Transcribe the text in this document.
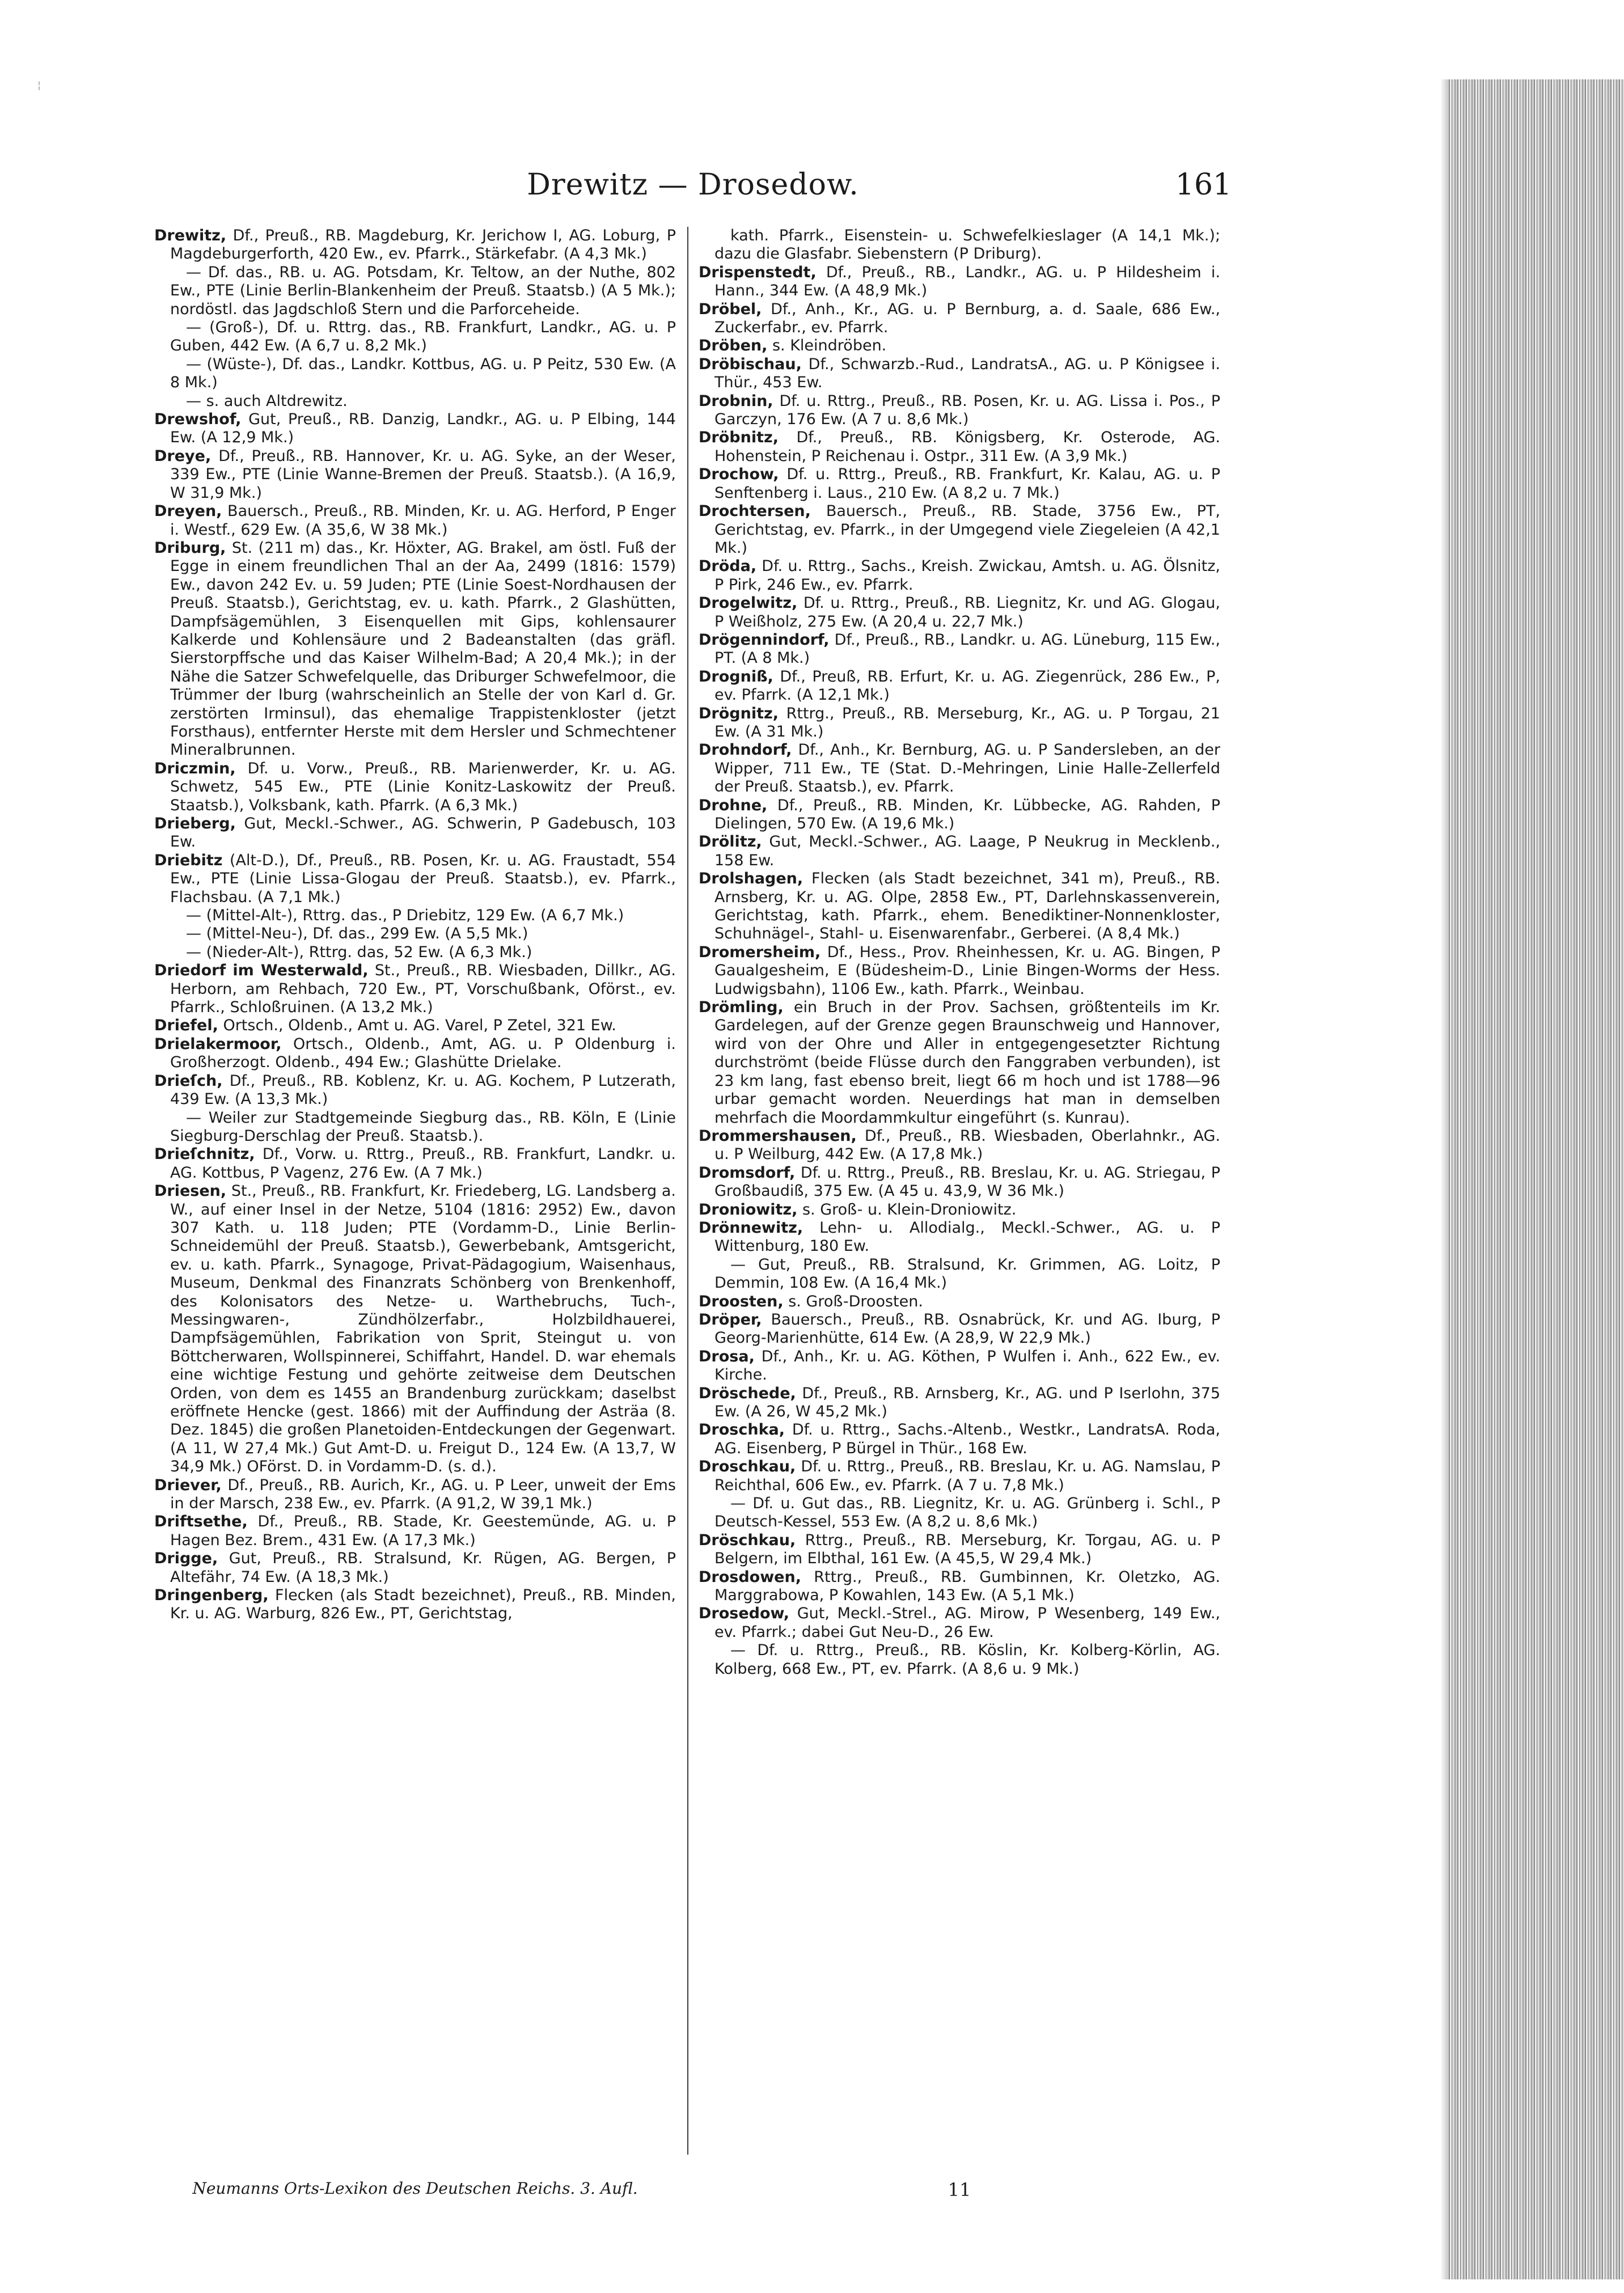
¦
Drewitz — Drosedow.	161

Drewitz, Df., Preuß., RB. Magdeburg, Kr. Jerichow I, AG. Loburg, P Magdeburgerforth, 420 Ew., ev. Pfarrk., Stärkefabr. (A 4,3 Mk.)

— Df. das., RB. u. AG. Potsdam, Kr. Teltow, an der Nuthe, 802 Ew., PTE (Linie Berlin-Blankenheim der Preuß. Staatsb.) (A 5 Mk.); nordöstl. das Jagdschloß Stern und die Parforceheide.

— (Groß-), Df. u. Rttrg. das., RB. Frankfurt, Landkr., AG. u. P Guben, 442 Ew. (A 6,7 u. 8,2 Mk.)

— (Wüste-), Df. das., Landkr. Kottbus, AG. u. P Peitz, 530 Ew. (A 8 Mk.)

— s. auch Altdrewitz.

Drewshof, Gut, Preuß., RB. Danzig, Landkr., AG. u. P Elbing, 144 Ew. (A 12,9 Mk.)

Dreye, Df., Preuß., RB. Hannover, Kr. u. AG. Syke, an der Weser, 339 Ew., PTE (Linie Wanne-Bremen der Preuß. Staatsb.). (A 16,9, W 31,9 Mk.)

Dreyen, Bauersch., Preuß., RB. Minden, Kr. u. AG. Herford, P Enger i. Westf., 629 Ew. (A 35,6, W 38 Mk.)

Driburg, St. (211 m) das., Kr. Höxter, AG. Brakel, am östl. Fuß der Egge in einem freundlichen Thal an der Aa, 2499 (1816: 1579) Ew., davon 242 Ev. u. 59 Juden; PTE (Linie Soest-Nordhausen der Preuß. Staatsb.), Gerichtstag, ev. u. kath. Pfarrk., 2 Glashütten, Dampfsägemühlen, 3 Eisenquellen mit Gips, kohlensaurer Kalkerde und Kohlensäure und 2 Badeanstalten (das gräfl. Sierstorpffsche und das Kaiser Wilhelm-Bad; A 20,4 Mk.); in der Nähe die Satzer Schwefelquelle, das Driburger Schwefelmoor, die Trümmer der Iburg (wahrscheinlich an Stelle der von Karl d. Gr. zerstörten Irminsul), das ehemalige Trappistenkloster (jetzt Forsthaus), entfernter Herste mit dem Hersler und Schmechtener Mineralbrunnen.

Driczmin, Df. u. Vorw., Preuß., RB. Marienwerder, Kr. u. AG. Schwetz, 545 Ew., PTE (Linie Konitz-Laskowitz der Preuß. Staatsb.), Volksbank, kath. Pfarrk. (A 6,3 Mk.)

Drieberg, Gut, Meckl.-Schwer., AG. Schwerin, P Gadebusch, 103 Ew.

Driebitz (Alt-D.), Df., Preuß., RB. Posen, Kr. u. AG. Fraustadt, 554 Ew., PTE (Linie Lissa-Glogau der Preuß. Staatsb.), ev. Pfarrk., Flachsbau. (A 7,1 Mk.)

— (Mittel-Alt-), Rttrg. das., P Driebitz, 129 Ew. (A 6,7 Mk.)

— (Mittel-Neu-), Df. das., 299 Ew. (A 5,5 Mk.)

— (Nieder-Alt-), Rttrg. das, 52 Ew. (A 6,3 Mk.)

Driedorf im Westerwald, St., Preuß., RB. Wiesbaden, Dillkr., AG. Herborn, am Rehbach, 720 Ew., PT, Vorschußbank, Oförst., ev. Pfarrk., Schloßruinen. (A 13,2 Mk.)

Driefel, Ortsch., Oldenb., Amt u. AG. Varel, P Zetel, 321 Ew.

Drielakermoor, Ortsch., Oldenb., Amt, AG. u. P Oldenburg i. Großherzogt. Oldenb., 494 Ew.; Glashütte Drielake.

Drieſch, Df., Preuß., RB. Koblenz, Kr. u. AG. Kochem, P Lutzerath, 439 Ew. (A 13,3 Mk.)

— Weiler zur Stadtgemeinde Siegburg das., RB. Köln, E (Linie Siegburg-Derschlag der Preuß. Staatsb.).

Drieſchnitz, Df., Vorw. u. Rttrg., Preuß., RB. Frankfurt, Landkr. u. AG. Kottbus, P Vagenz, 276 Ew. (A 7 Mk.)

Driesen, St., Preuß., RB. Frankfurt, Kr. Friedeberg, LG. Landsberg a. W., auf einer Insel in der Netze, 5104 (1816: 2952) Ew., davon 307 Kath. u. 118 Juden; PTE (Vordamm-D., Linie Berlin-Schneidemühl der Preuß. Staatsb.), Gewerbebank, Amtsgericht, ev. u. kath. Pfarrk., Synagoge, Privat-Pädagogium, Waisenhaus, Museum, Denkmal des Finanzrats Schönberg von Brenkenhoff, des Kolonisators des Netze- u. Warthebruchs, Tuch-, Messingwaren-, Zündhölzerfabr., Holzbildhauerei, Dampfsägemühlen, Fabrikation von Sprit, Steingut u. von Böttcherwaren, Wollspinnerei, Schiffahrt, Handel. D. war ehemals eine wichtige Festung und gehörte zeitweise dem Deutschen Orden, von dem es 1455 an Brandenburg zurückkam; daselbst eröffnete Hencke (gest. 1866) mit der Auffindung der Asträa (8. Dez. 1845) die großen Planetoiden-Entdeckungen der Gegenwart. (A 11, W 27,4 Mk.) Gut Amt-D. u. Freigut D., 124 Ew. (A 13,7, W 34,9 Mk.) OFörst. D. in Vordamm-D. (s. d.).

Driever, Df., Preuß., RB. Aurich, Kr., AG. u. P Leer, unweit der Ems in der Marsch, 238 Ew., ev. Pfarrk. (A 91,2, W 39,1 Mk.)

Driftsethe, Df., Preuß., RB. Stade, Kr. Geestemünde, AG. u. P Hagen Bez. Brem., 431 Ew. (A 17,3 Mk.)

Drigge, Gut, Preuß., RB. Stralsund, Kr. Rügen, AG. Bergen, P Altefähr, 74 Ew. (A 18,3 Mk.)

Dringenberg, Flecken (als Stadt bezeichnet), Preuß., RB. Minden, Kr. u. AG. Warburg, 826 Ew., PT, Gerichtstag,

kath. Pfarrk., Eisenstein- u. Schwefelkieslager (A 14,1 Mk.); dazu die Glasfabr. Siebenstern (P Driburg).

Drispenstedt, Df., Preuß., RB., Landkr., AG. u. P Hildesheim i. Hann., 344 Ew. (A 48,9 Mk.)

Dröbel, Df., Anh., Kr., AG. u. P Bernburg, a. d. Saale, 686 Ew., Zuckerfabr., ev. Pfarrk.

Dröben, s. Kleindröben.

Dröbischau, Df., Schwarzb.-Rud., LandratsA., AG. u. P Königsee i. Thür., 453 Ew.

Drobnin, Df. u. Rttrg., Preuß., RB. Posen, Kr. u. AG. Lissa i. Pos., P Garczyn, 176 Ew. (A 7 u. 8,6 Mk.)

Dröbnitz, Df., Preuß., RB. Königsberg, Kr. Osterode, AG. Hohenstein, P Reichenau i. Ostpr., 311 Ew. (A 3,9 Mk.)

Drochow, Df. u. Rttrg., Preuß., RB. Frankfurt, Kr. Kalau, AG. u. P Senftenberg i. Laus., 210 Ew. (A 8,2 u. 7 Mk.)

Drochtersen, Bauersch., Preuß., RB. Stade, 3756 Ew., PT, Gerichtstag, ev. Pfarrk., in der Umgegend viele Ziegeleien (A 42,1 Mk.)

Dröda, Df. u. Rttrg., Sachs., Kreish. Zwickau, Amtsh. u. AG. Ölsnitz, P Pirk, 246 Ew., ev. Pfarrk.

Drogelwitz, Df. u. Rttrg., Preuß., RB. Liegnitz, Kr. und AG. Glogau, P Weißholz, 275 Ew. (A 20,4 u. 22,7 Mk.)

Drögennindorf, Df., Preuß., RB., Landkr. u. AG. Lüneburg, 115 Ew., PT. (A 8 Mk.)

Drogniß, Df., Preuß, RB. Erfurt, Kr. u. AG. Ziegenrück, 286 Ew., P, ev. Pfarrk. (A 12,1 Mk.)

Drögnitz, Rttrg., Preuß., RB. Merseburg, Kr., AG. u. P Torgau, 21 Ew. (A 31 Mk.)

Drohndorf, Df., Anh., Kr. Bernburg, AG. u. P Sandersleben, an der Wipper, 711 Ew., TE (Stat. D.-Mehringen, Linie Halle-Zellerfeld der Preuß. Staatsb.), ev. Pfarrk.

Drohne, Df., Preuß., RB. Minden, Kr. Lübbecke, AG. Rahden, P Dielingen, 570 Ew. (A 19,6 Mk.)

Drölitz, Gut, Meckl.-Schwer., AG. Laage, P Neukrug in Mecklenb., 158 Ew.

Drolshagen, Flecken (als Stadt bezeichnet, 341 m), Preuß., RB. Arnsberg, Kr. u. AG. Olpe, 2858 Ew., PT, Darlehnskassenverein, Gerichtstag, kath. Pfarrk., ehem. Benediktiner-Nonnenkloster, Schuhnägel-, Stahl- u. Eisenwarenfabr., Gerberei. (A 8,4 Mk.)

Dromersheim, Df., Hess., Prov. Rheinhessen, Kr. u. AG. Bingen, P Gaualgesheim, E (Büdesheim-D., Linie Bingen-Worms der Hess. Ludwigsbahn), 1106 Ew., kath. Pfarrk., Weinbau.

Drömling, ein Bruch in der Prov. Sachsen, größtenteils im Kr. Gardelegen, auf der Grenze gegen Braunschweig und Hannover, wird von der Ohre und Aller in entgegengesetzter Richtung durchströmt (beide Flüsse durch den Fanggraben verbunden), ist 23 km lang, fast ebenso breit, liegt 66 m hoch und ist 1788—96 urbar gemacht worden. Neuerdings hat man in demselben mehrfach die Moordammkultur eingeführt (s. Kunrau).

Drommershausen, Df., Preuß., RB. Wiesbaden, Oberlahnkr., AG. u. P Weilburg, 442 Ew. (A 17,8 Mk.)

Dromsdorf, Df. u. Rttrg., Preuß., RB. Breslau, Kr. u. AG. Striegau, P Großbaudiß, 375 Ew. (A 45 u. 43,9, W 36 Mk.)

Droniowitz, s. Groß- u. Klein-Droniowitz.

Drönnewitz, Lehn- u. Allodialg., Meckl.-Schwer., AG. u. P Wittenburg, 180 Ew.

— Gut, Preuß., RB. Stralsund, Kr. Grimmen, AG. Loitz, P Demmin, 108 Ew. (A 16,4 Mk.)

Droosten, s. Groß-Droosten.

Dröper, Bauersch., Preuß., RB. Osnabrück, Kr. und AG. Iburg, P Georg-Marienhütte, 614 Ew. (A 28,9, W 22,9 Mk.)

Drosa, Df., Anh., Kr. u. AG. Köthen, P Wulfen i. Anh., 622 Ew., ev. Kirche.

Dröschede, Df., Preuß., RB. Arnsberg, Kr., AG. und P Iserlohn, 375 Ew. (A 26, W 45,2 Mk.)

Droschka, Df. u. Rttrg., Sachs.-Altenb., Westkr., LandratsA. Roda, AG. Eisenberg, P Bürgel in Thür., 168 Ew.

Droschkau, Df. u. Rttrg., Preuß., RB. Breslau, Kr. u. AG. Namslau, P Reichthal, 606 Ew., ev. Pfarrk. (A 7 u. 7,8 Mk.)

— Df. u. Gut das., RB. Liegnitz, Kr. u. AG. Grünberg i. Schl., P Deutsch-Kessel, 553 Ew. (A 8,2 u. 8,6 Mk.)

Dröschkau, Rttrg., Preuß., RB. Merseburg, Kr. Torgau, AG. u. P Belgern, im Elbthal, 161 Ew. (A 45,5, W 29,4 Mk.)

Drosdowen, Rttrg., Preuß., RB. Gumbinnen, Kr. Oletzko, AG. Marggrabowa, P Kowahlen, 143 Ew. (A 5,1 Mk.)

Drosedow, Gut, Meckl.-Strel., AG. Mirow, P Wesenberg, 149 Ew., ev. Pfarrk.; dabei Gut Neu-D., 26 Ew.

— Df. u. Rttrg., Preuß., RB. Köslin, Kr. Kolberg-Körlin, AG. Kolberg, 668 Ew., PT, ev. Pfarrk. (A 8,6 u. 9 Mk.)

Neumanns Orts-Lexikon des Deutschen Reichs. 3. Aufl.	11
